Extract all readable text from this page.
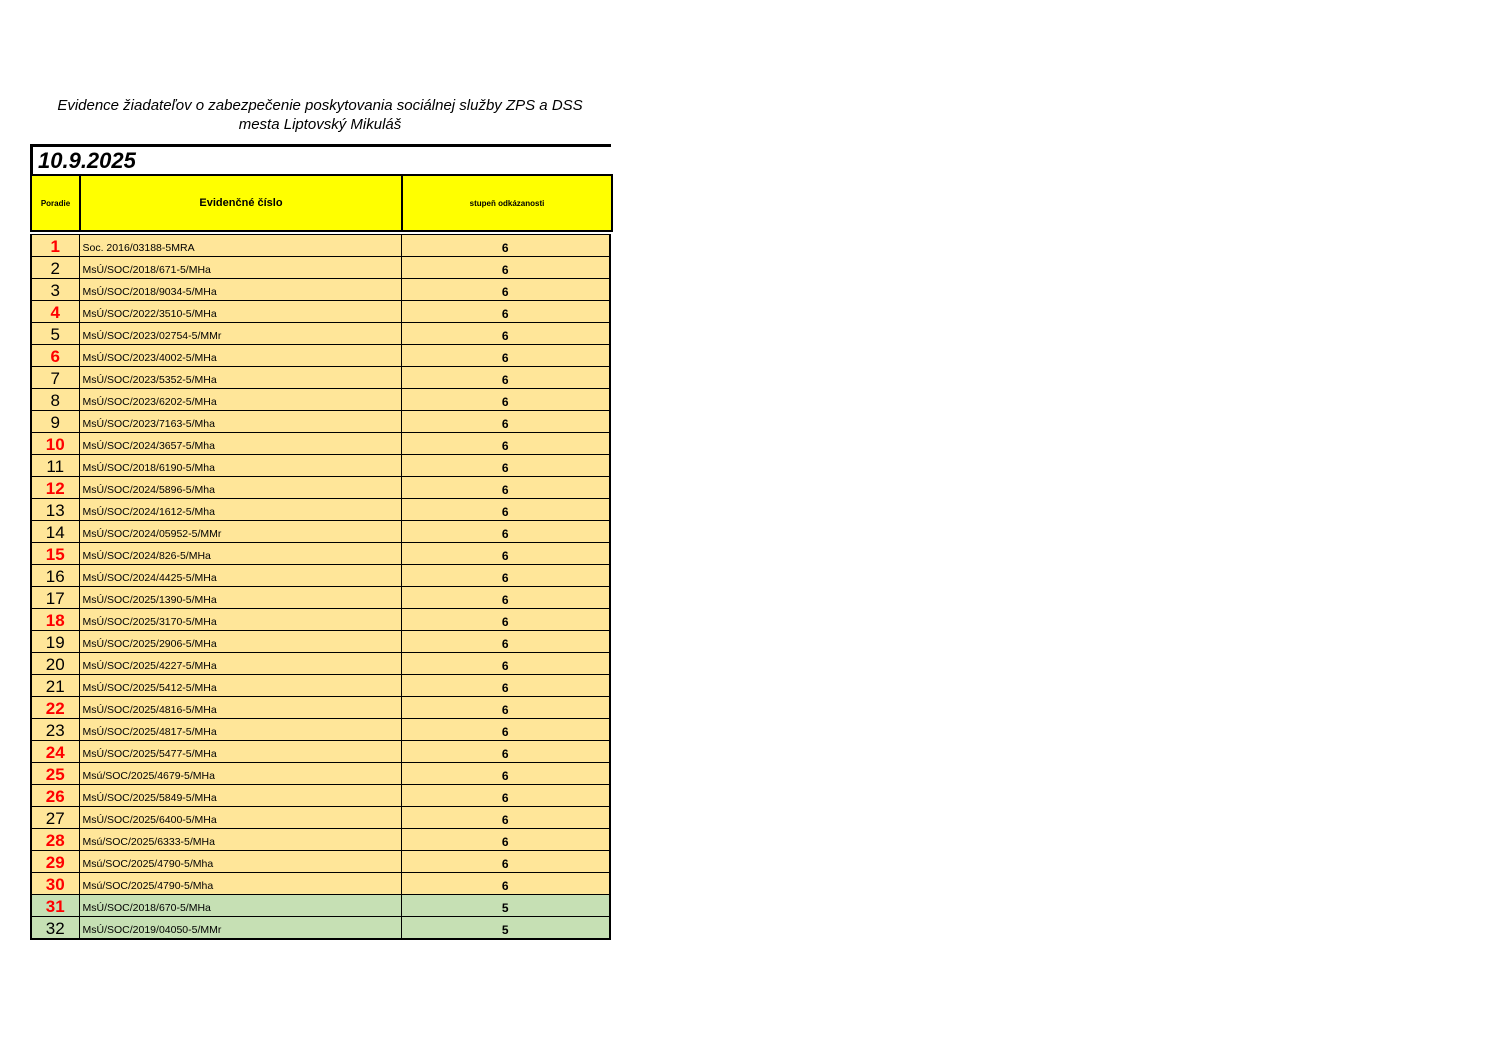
Evidence žiadateľov o zabezpečenie poskytovania sociálnej služby ZPS a DSS
mesta Liptovský Mikuláš
10.9.2025
Poradie	Evidenčné číslo	stupeň odkázanosti
1	Soc. 2016/03188-5MRA	6
2	MsÚ/SOC/2018/671-5/MHa	6
3	MsÚ/SOC/2018/9034-5/MHa	6
4	MsÚ/SOC/2022/3510-5/MHa	6
5	MsÚ/SOC/2023/02754-5/MMr	6
6	MsÚ/SOC/2023/4002-5/MHa	6
7	MsÚ/SOC/2023/5352-5/MHa	6
8	MsÚ/SOC/2023/6202-5/MHa	6
9	MsÚ/SOC/2023/7163-5/Mha	6
10	MsÚ/SOC/2024/3657-5/Mha	6
11	MsÚ/SOC/2018/6190-5/Mha	6
12	MsÚ/SOC/2024/5896-5/Mha	6
13	MsÚ/SOC/2024/1612-5/Mha	6
14	MsÚ/SOC/2024/05952-5/MMr	6
15	MsÚ/SOC/2024/826-5/MHa	6
16	MsÚ/SOC/2024/4425-5/MHa	6
17	MsÚ/SOC/2025/1390-5/MHa	6
18	MsÚ/SOC/2025/3170-5/MHa	6
19	MsÚ/SOC/2025/2906-5/MHa	6
20	MsÚ/SOC/2025/4227-5/MHa	6
21	MsÚ/SOC/2025/5412-5/MHa	6
22	MsÚ/SOC/2025/4816-5/MHa	6
23	MsÚ/SOC/2025/4817-5/MHa	6
24	MsÚ/SOC/2025/5477-5/MHa	6
25	Msú/SOC/2025/4679-5/MHa	6
26	MsÚ/SOC/2025/5849-5/MHa	6
27	MsÚ/SOC/2025/6400-5/MHa	6
28	Msú/SOC/2025/6333-5/MHa	6
29	Msú/SOC/2025/4790-5/Mha	6
30	Msú/SOC/2025/4790-5/Mha	6
31	MsÚ/SOC/2018/670-5/MHa	5
32	MsÚ/SOC/2019/04050-5/MMr	5
